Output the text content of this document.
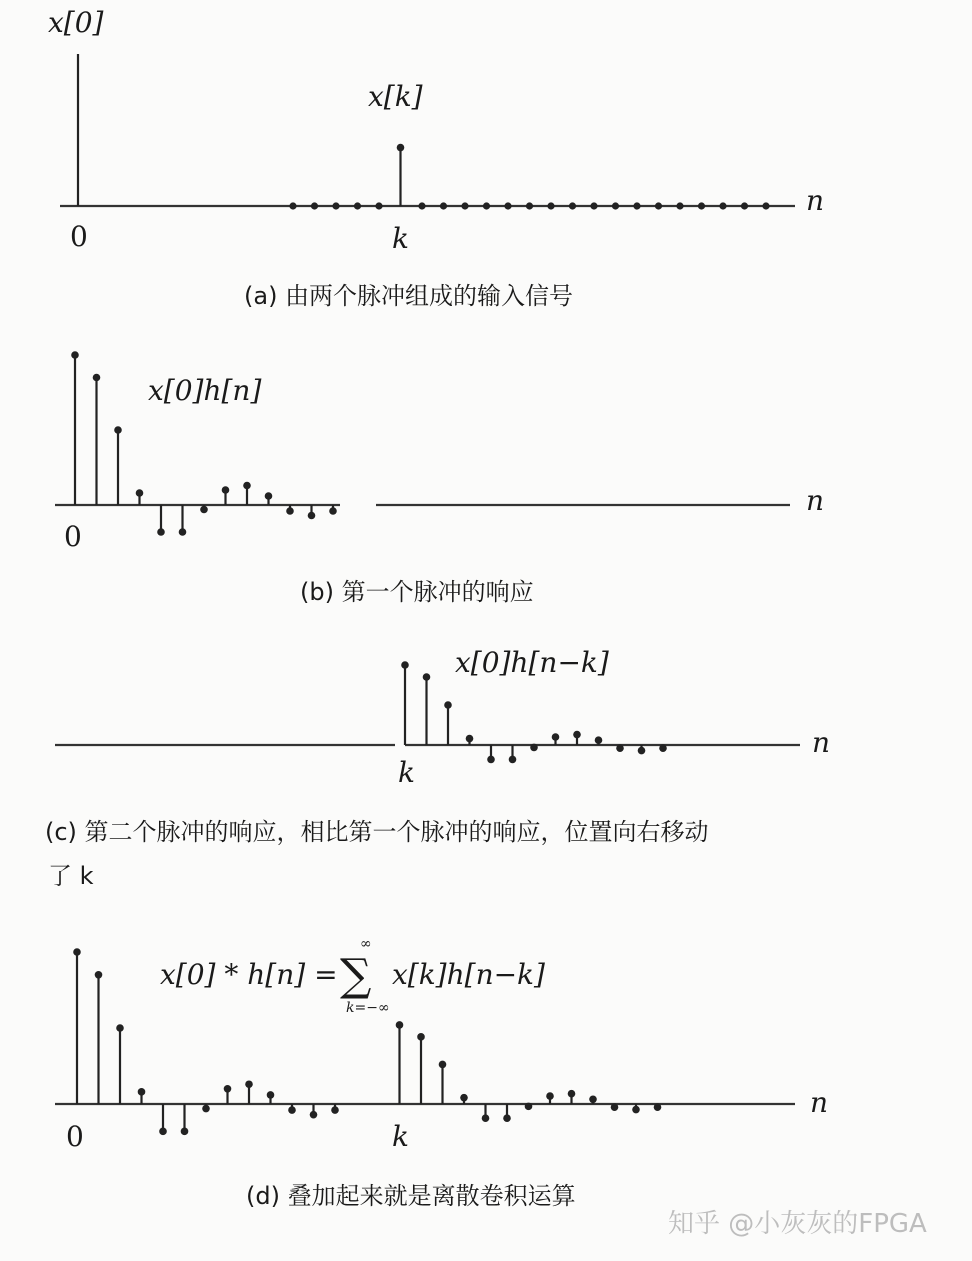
x[0]
x[k]
0	k
n
(a) 由两个脉冲组成的输入信号
x[0]h[n]
0
n
(b) 第一个脉冲的响应
x[0]h[n−k]
k
n
(c) 第二个脉冲的响应，相比第一个脉冲的响应，位置向右移动
了 k
x[0] * h[n] = ∑
∞
k=−∞
x[k]h[n−k]
0	k
n
(d) 叠加起来就是离散卷积运算
知乎 @小灰灰的FPGA
